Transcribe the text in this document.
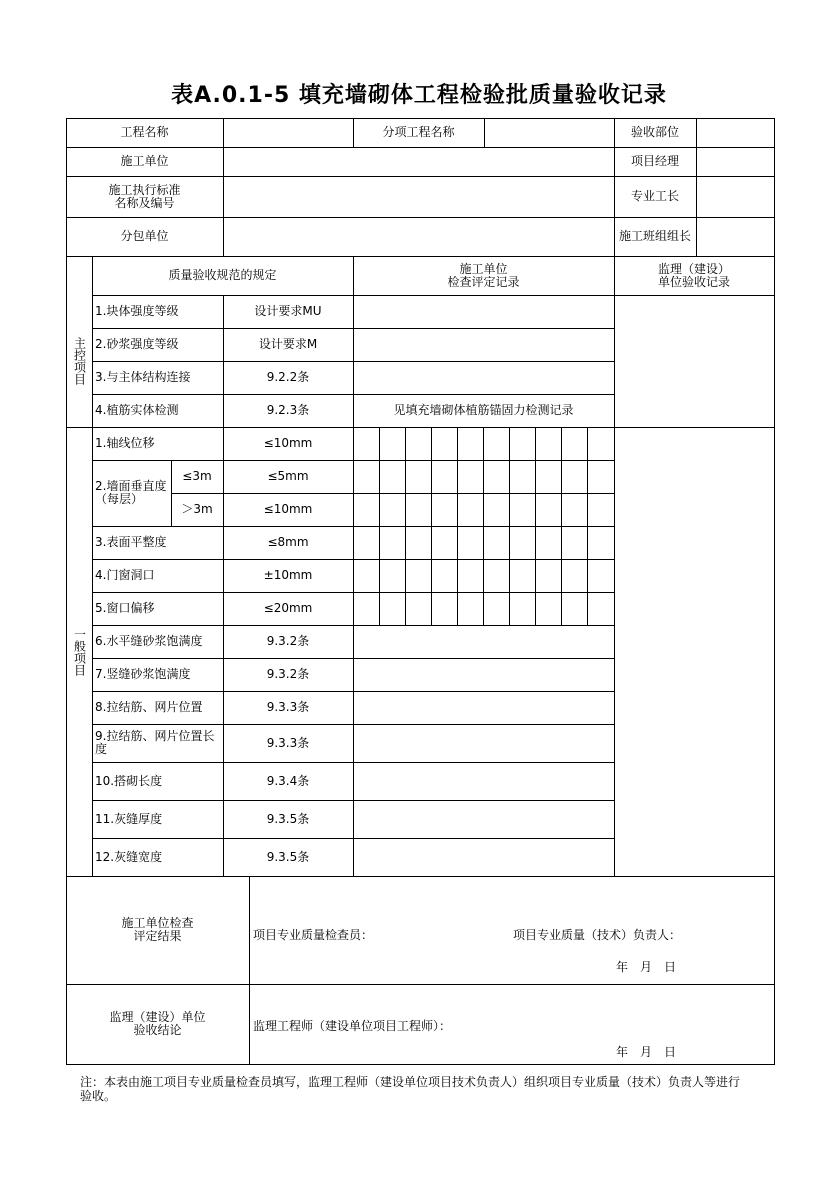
表A.0.1-5 填充墙砌体工程检验批质量验收记录
工程名称	分项工程名称	验收部位
施工单位	项目经理
施工执行标准
名称及编号	专业工长
分包单位	施工班组组长
质量验收规范的规定	施工单位
检查评定记录
监理（建设）
单位验收记录
主控项目
1.块体强度等级	设计要求MU
2.砂浆强度等级	设计要求M
3.与主体结构连接	9.2.2条
4.植筋实体检测	9.2.3条	见填充墙砌体植筋锚固力检测记录
一般项目
1.轴线位移	≤10mm
2.墙面垂直度（每层）
≤3m	≤5mm
＞3m	≤10mm
3.表面平整度	≤8mm
4.门窗洞口	±10mm
5.窗口偏移	≤20mm
6.水平缝砂浆饱满度	9.3.2条
7.竖缝砂浆饱满度	9.3.2条
8.拉结筋、网片位置	9.3.3条
9.拉结筋、网片位置长度	9.3.3条
10.搭砌长度	9.3.4条
11.灰缝厚度	9.3.5条
12.灰缝宽度	9.3.5条
施工单位检查
评定结果	项目专业质量检查员：	项目专业质量（技术）负责人：
年　月　日
监理（建设）单位
验收结论	监理工程师（建设单位项目工程师）：
年　月　日
注：本表由施工项目专业质量检查员填写，监理工程师（建设单位项目技术负责人）组织项目专业质量（技术）负责人等进行验收。
